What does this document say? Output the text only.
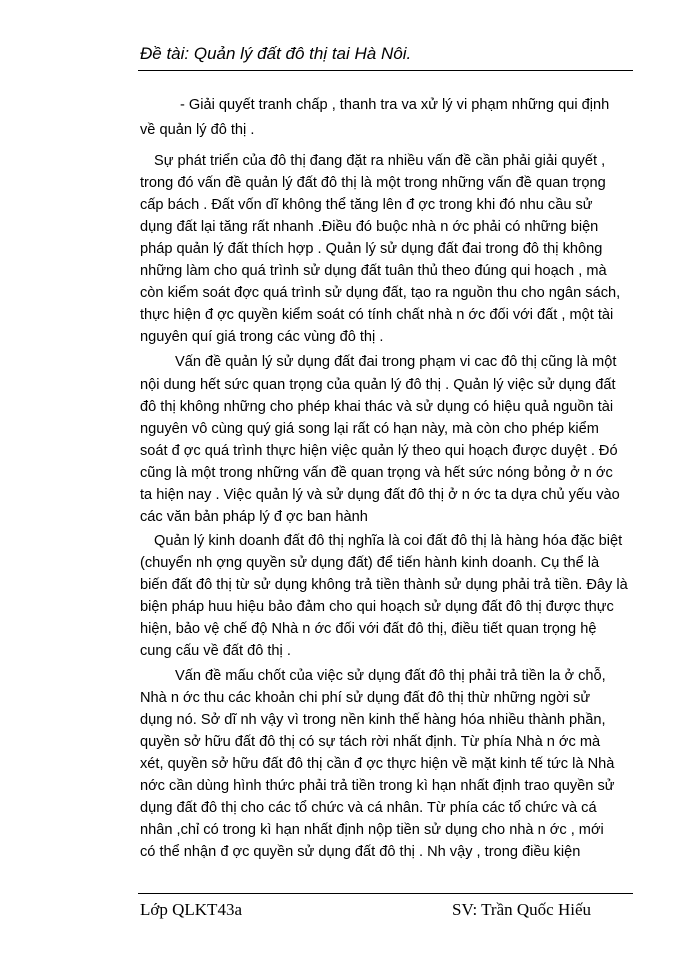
Đề tài: Quản lý đất đô thị tai Hà Nôi.
- Giải quyết tranh chấp , thanh tra va xử lý vi phạm những qui định
về quản lý đô thị .
Sự phát triển của đô thị đang đặt ra nhiều vấn đề cần phải giải quyết ,
trong đó vấn đề quản lý đất đô thị là một trong những vấn đề quan trọng
cấp bách . Đất vốn dĩ không thể tăng lên đ ợc trong khi đó nhu cầu sử
dụng đất lại tăng rất nhanh .Điều đó buộc nhà n ớc phải có những biện
pháp quản lý đất thích hợp . Quản lý sử dụng đất đai trong đô thị không
những làm cho quá trình sử dụng đất tuân thủ theo đúng qui hoạch , mà
còn kiểm soát đợc quá trình sử dụng đất, tạo ra nguồn thu cho ngân sách,
thực hiện đ ợc quyền kiểm soát có tính chất nhà n ớc đối với đất , một tài
nguyên quí giá trong các vùng đô thị .
Vấn đề quản lý sử dụng đất đai trong phạm vi cac đô thị cũng là một
nội dung hết sức quan trọng của quản lý đô thị . Quản lý việc sử dụng đất
đô thị không những cho phép khai thác và sử dụng có hiệu quả nguồn tài
nguyên vô cùng quý giá song lại rất có hạn này, mà còn cho phép kiểm
soát đ ợc quá trình thực hiện việc quản lý theo qui hoạch được duyệt . Đó
cũng là một trong những vấn đề quan trọng và hết sức nóng bỏng ở n ớc
ta hiện nay . Việc quản lý và sử dụng đất đô thị ở n ớc ta dựa chủ yếu vào
các văn bản pháp lý đ ợc ban hành
Quản lý kinh doanh đất đô thị nghĩa là coi đất đô thị là hàng hóa đặc biệt
(chuyển nh ợng quyền sử dụng đất) để tiến hành kinh doanh. Cụ thể là
biến đất đô thị từ sử dụng không trả tiền thành sử dụng phải trả tiền. Đây là
biện pháp huu hiệu bảo đảm cho qui hoạch sử dụng đất đô thị được thực
hiện, bảo vệ chế độ Nhà n ớc đối với đất đô thị, điều tiết quan trọng hệ
cung cấu về đất đô thị .
Vấn đề mấu chốt của việc sử dụng đất đô thị phải trả tiền la ở chỗ,
Nhà n ớc thu các khoản chi phí sử dụng đất đô thị thừ những ngời sử
dụng nó. Sở dĩ nh vậy vì trong nền kinh thế hàng hóa nhiều thành phần,
quyền sở hữu đất đô thị có sự tách rời nhất định. Từ phía Nhà n ớc mà
xét, quyền sở hữu đất đô thị cần đ ợc thực hiện về mặt kinh tế tức là Nhà
nớc cần dùng hình thức phải trả tiền trong kì hạn nhất định trao quyền sử
dụng đất đô thị cho các tổ chức và cá nhân. Từ phía các tổ chức và cá
nhân ,chỉ có trong kì hạn nhất định nộp tiền sử dụng cho nhà n ớc , mới
có thể nhận đ ợc quyền sử dụng đất đô thị . Nh vậy , trong điều kiện
Lớp QLKT43a	SV: Trần Quốc Hiếu
